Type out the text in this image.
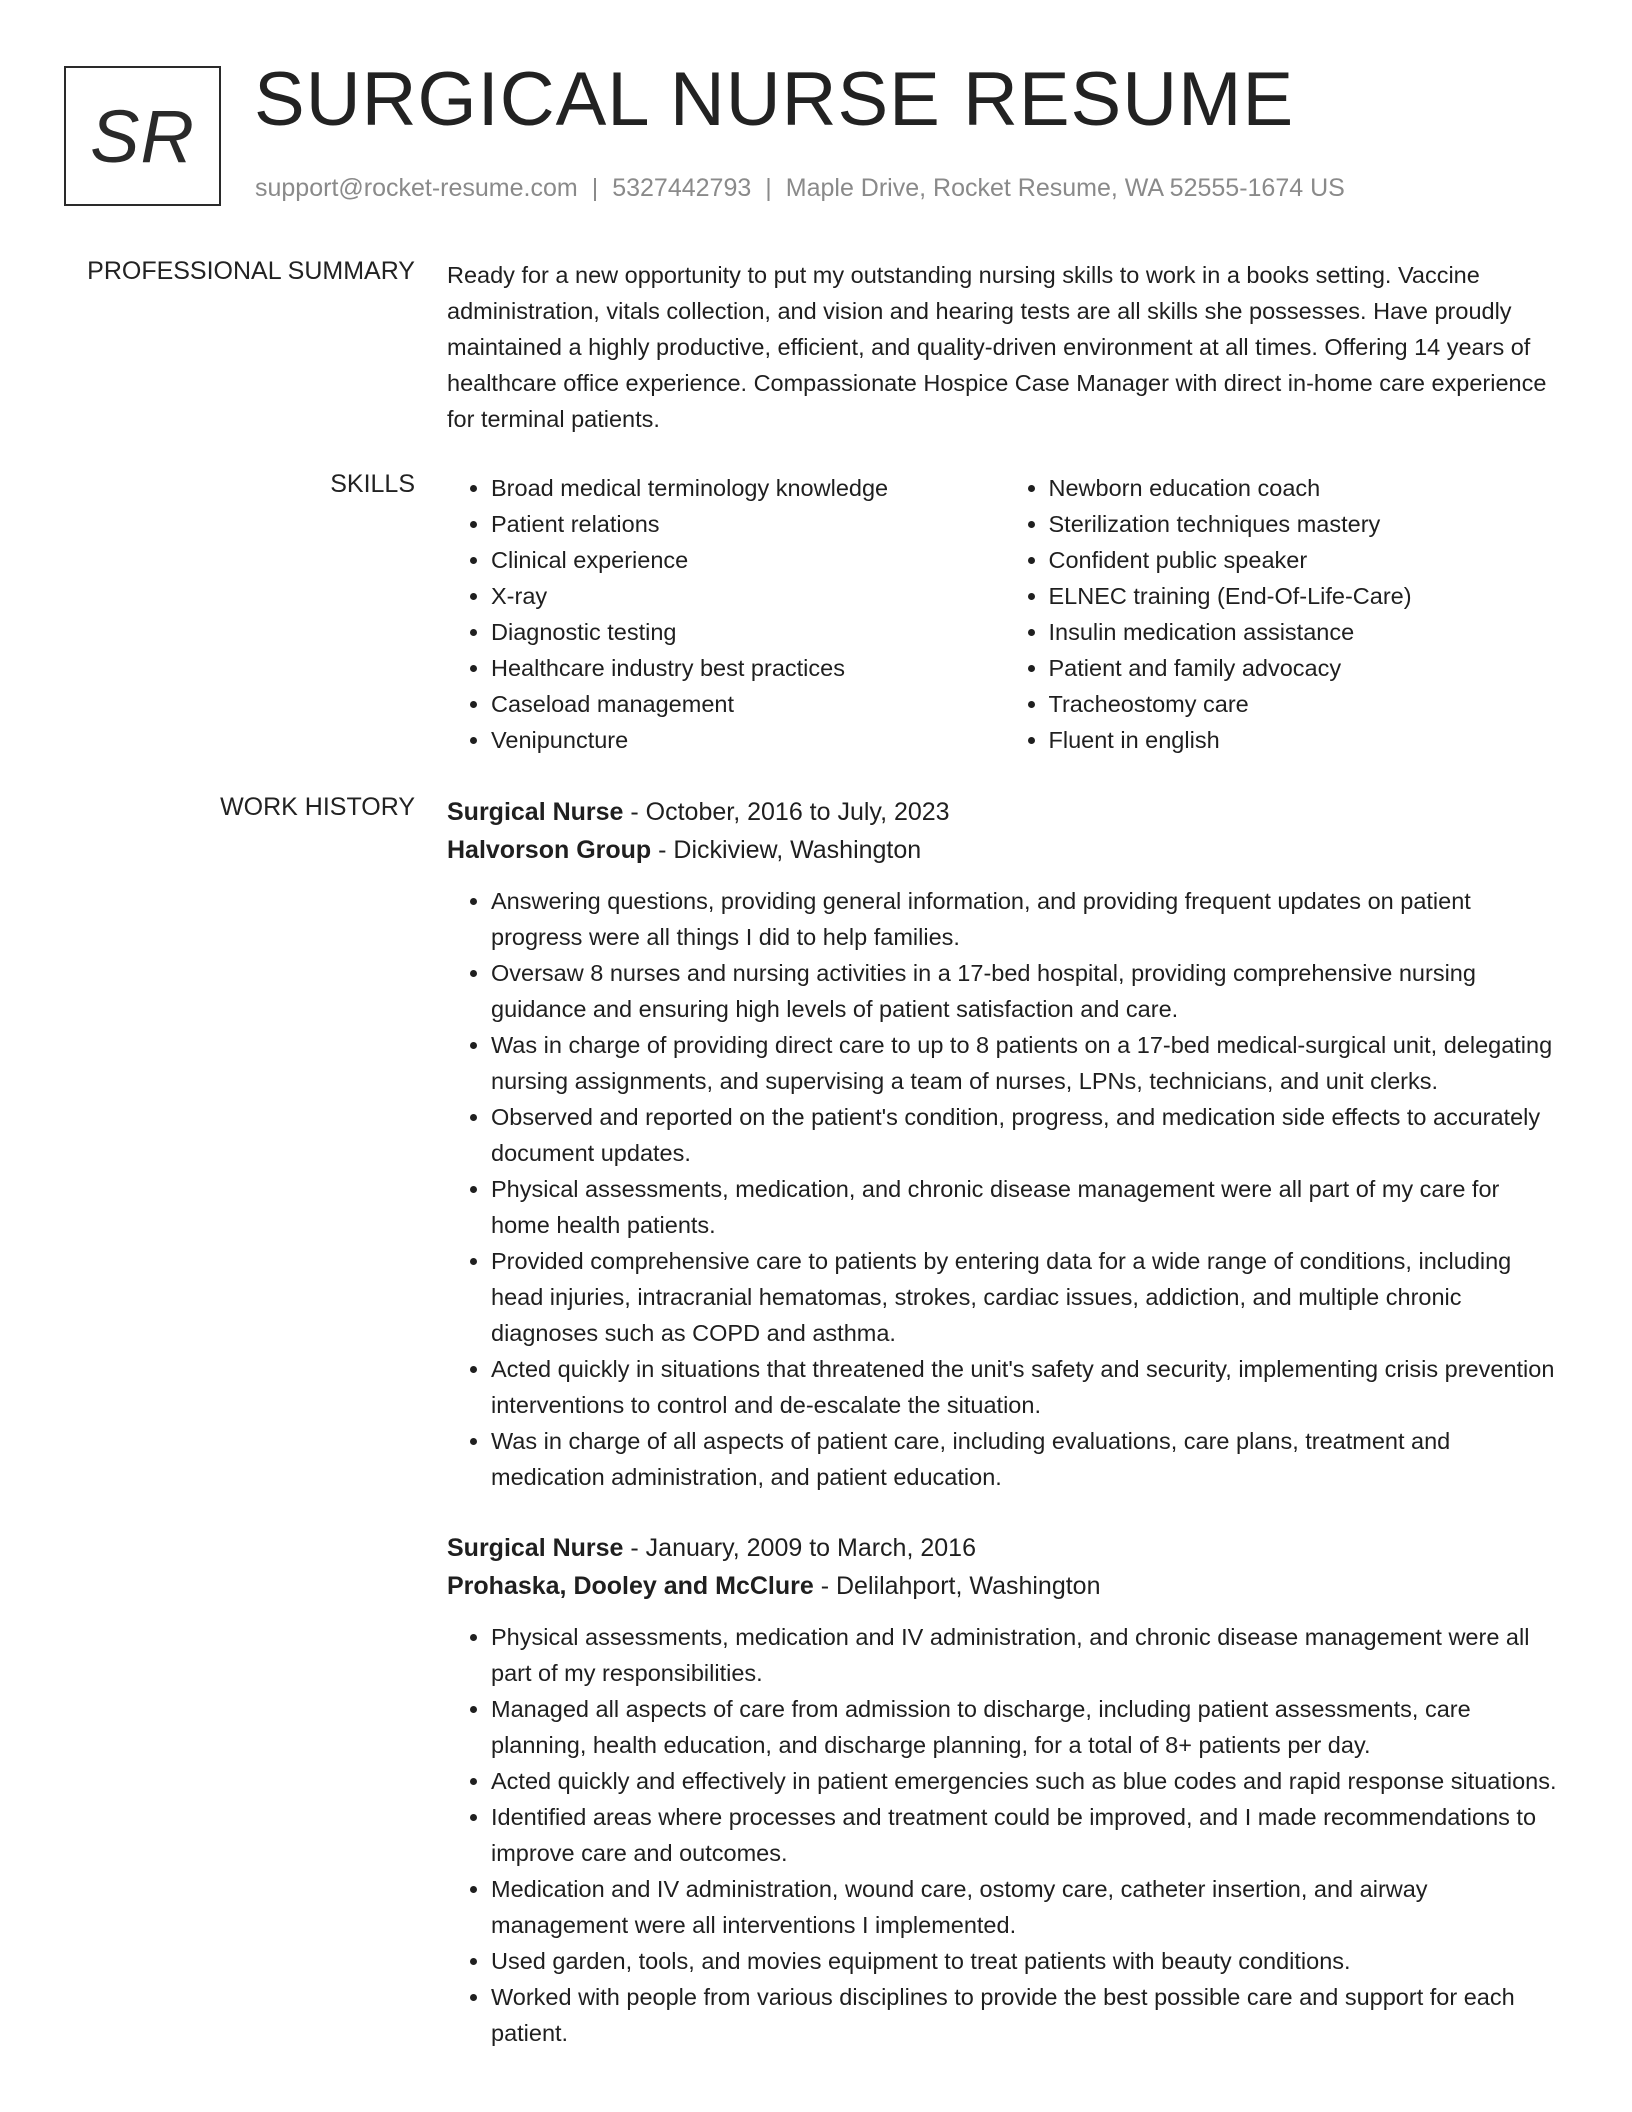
SR SURGICAL NURSE RESUME
support@rocket-resume.com | 5327442793 | Maple Drive, Rocket Resume, WA 52555-1674 US
PROFESSIONAL SUMMARY Ready for a new opportunity to put my outstanding nursing skills to work in a books setting. Vaccine administration, vitals collection, and vision and hearing tests are all skills she possesses. Have proudly maintained a highly productive, efficient, and quality-driven environment at all times. Offering 14 years of healthcare office experience. Compassionate Hospice Case Manager with direct in-home care experience for terminal patients.

SKILLS
•	Broad medical terminology knowledge
• Patient relations
• Clinical experience
• X-ray
• Diagnostic testing
• Healthcare industry best practices
• Caseload management
• Venipuncture
• Newborn education coach
• Sterilization techniques mastery
• Confident public speaker
• ELNEC training (End-Of-Life-Care)
• Insulin medication assistance
• Patient and family advocacy
• Tracheostomy care
• Fluent in english
WORK HISTORY Surgical Nurse - October, 2016 to July, 2023
Halvorson Group - Dickiview, Washington
• Answering questions, providing general information, and providing frequent updates on patient progress were all things I did to help families.
• Oversaw 8 nurses and nursing activities in a 17-bed hospital, providing comprehensive nursing guidance and ensuring high levels of patient satisfaction and care.
• Was in charge of providing direct care to up to 8 patients on a 17-bed medical-surgical unit, delegating nursing assignments, and supervising a team of nurses, LPNs, technicians, and unit clerks.
• Observed and reported on the patient's condition, progress, and medication side effects to accurately document updates.
• Physical assessments, medication, and chronic disease management were all part of my care for home health patients.
• Provided comprehensive care to patients by entering data for a wide range of conditions, including head injuries, intracranial hematomas, strokes, cardiac issues, addiction, and multiple chronic diagnoses such as COPD and asthma.
• Acted quickly in situations that threatened the unit's safety and security, implementing crisis prevention interventions to control and de-escalate the situation.
• Was in charge of all aspects of patient care, including evaluations, care plans, treatment and medication administration, and patient education.
Surgical Nurse - January, 2009 to March, 2016
Prohaska, Dooley and McClure - Delilahport, Washington
• Physical assessments, medication and IV administration, and chronic disease management were all part of my responsibilities.
• Managed all aspects of care from admission to discharge, including patient assessments, care planning, health education, and discharge planning, for a total of 8+ patients per day.
• Acted quickly and effectively in patient emergencies such as blue codes and rapid response situations.
• Identified areas where processes and treatment could be improved, and I made recommendations to improve care and outcomes.
• Medication and IV administration, wound care, ostomy care, catheter insertion, and airway management were all interventions I implemented.
• Used garden, tools, and movies equipment to treat patients with beauty conditions.
• Worked with people from various disciplines to provide the best possible care and support for each patient.
